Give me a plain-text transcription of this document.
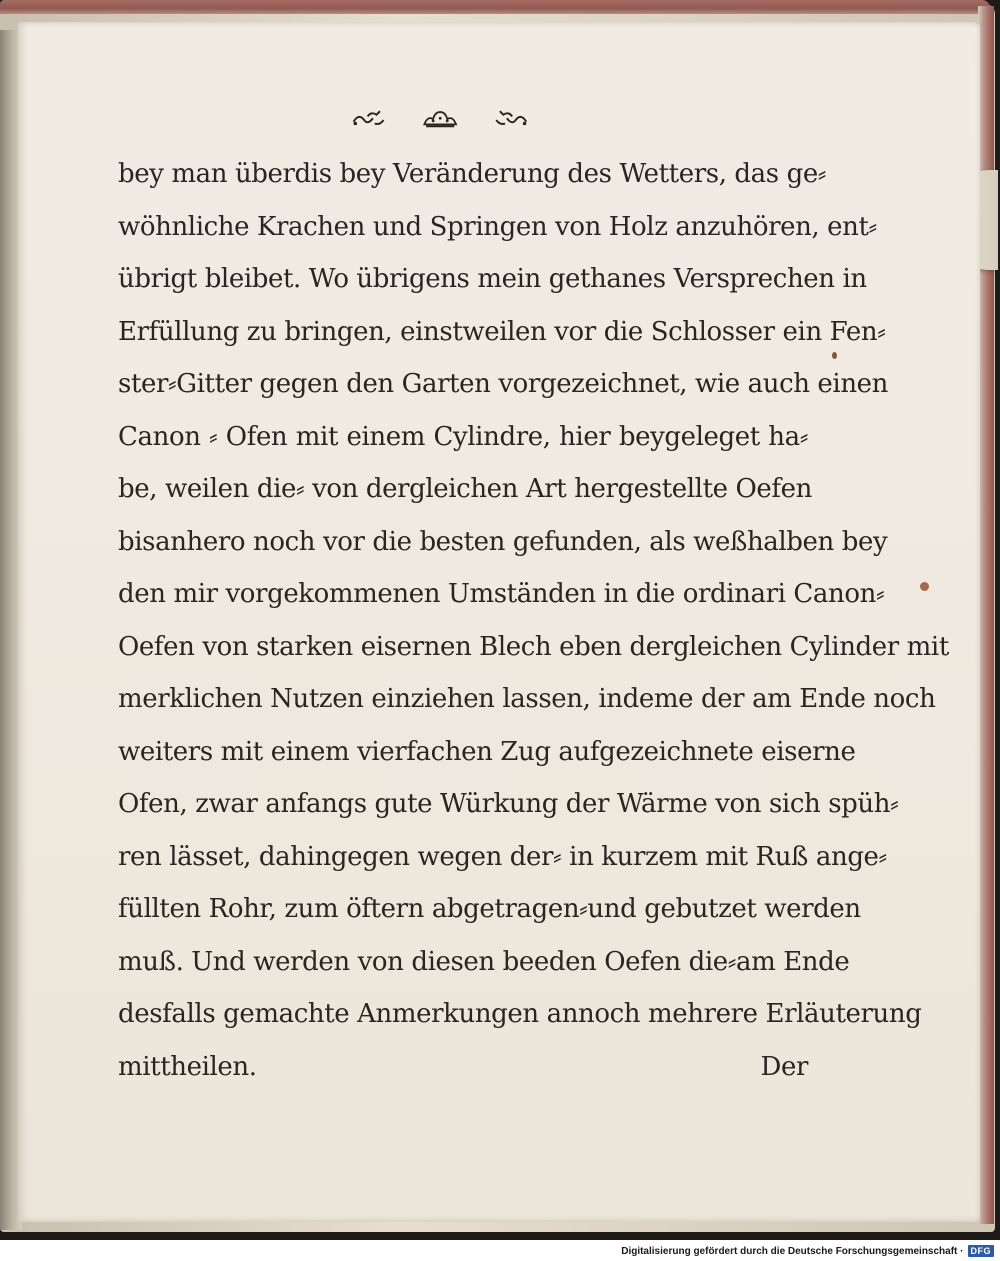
bey man überdis bey Veränderung des Wetters, das ge⸗
wöhnliche Krachen und Springen von Holz anzuhören, ent⸗
übrigt bleibet. Wo übrigens mein gethanes Versprechen in
Erfüllung zu bringen, einstweilen vor die Schlosser ein Fen⸗
ster⸗Gitter gegen den Garten vorgezeichnet, wie auch einen
Canon ⸗ Ofen mit einem Cylindre, hier beygeleget ha⸗
be, weilen die⸗ von dergleichen Art hergestellte Oefen
bisanhero noch vor die besten gefunden, als weßhalben bey
den mir vorgekommenen Umständen in die ordinari Canon⸗
Oefen von starken eisernen Blech eben dergleichen Cylinder mit
merklichen Nutzen einziehen lassen, indeme der am Ende noch
weiters mit einem vierfachen Zug aufgezeichnete eiserne
Ofen, zwar anfangs gute Würkung der Wärme von sich spüh⸗
ren lässet, dahingegen wegen der⸗ in kurzem mit Ruß ange⸗
füllten Rohr, zum öftern abgetragen⸗und gebutzet werden
muß. Und werden von diesen beeden Oefen die⸗am Ende
desfalls gemachte Anmerkungen annoch mehrere Erläuterung
mittheilen.	Der
Digitalisierung gefördert durch die Deutsche Forschungsgemeinschaft · DFG
